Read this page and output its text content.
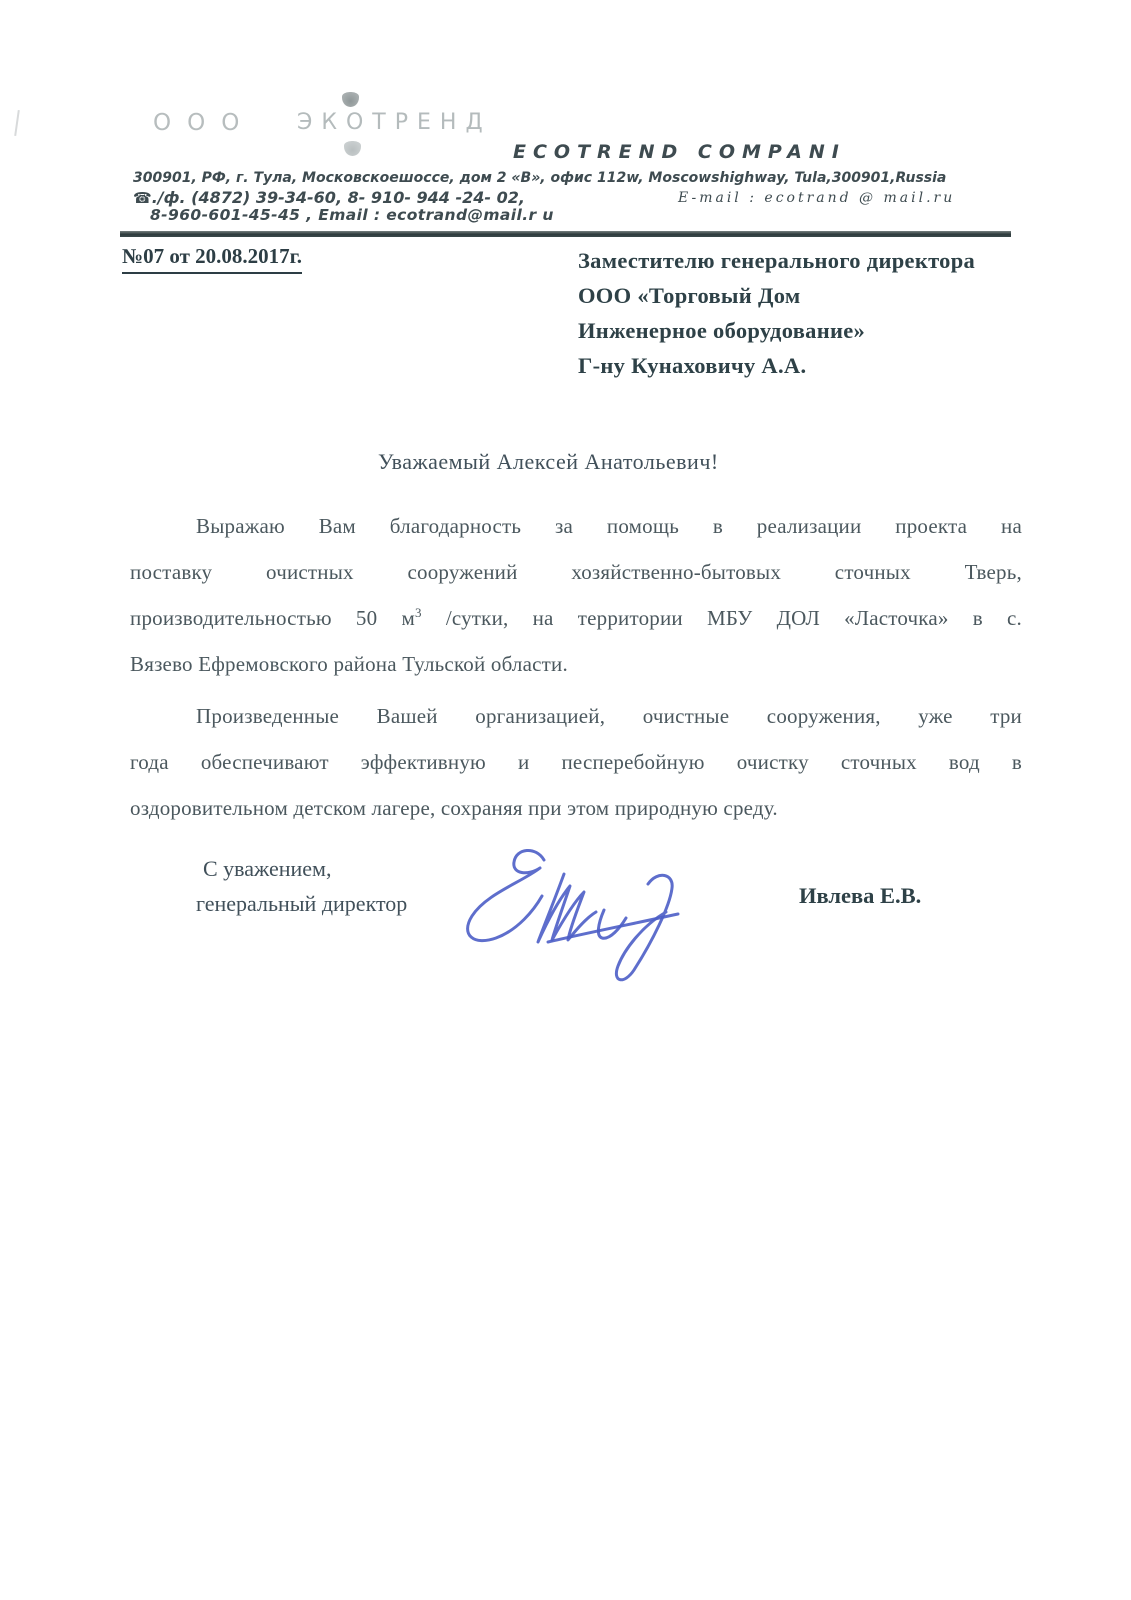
ООО ЭКОТРЕНД
ECOTREND COMPANI
300901, РФ, г. Тула, Московскоешоссе, дом 2 «В», офис 112w, Moscowshighway, Tula,300901,Russia
☎./ф. (4872) 39-34-60, 8- 910- 944 -24- 02,	E-mail : ecotrand @ mail.ru
8-960-601-45-45 , Email : ecotrand@mail.r u
№07 от 20.08.2017г.	Заместителю генерального директора
ООО «Торговый Дом
Инженерное оборудование»
Г-ну Кунаховичу А.А.
Уважаемый Алексей Анатольевич!
Выражаю Вам благодарность за помощь в реализации проекта на
поставку очистных сооружений хозяйственно-бытовых сточных Тверь,
производительностью 50 $м^3$ /сутки, на территории МБУ ДОЛ «Ласточка» в с.
Вязево Ефремовского района Тульской области.
Произведенные Вашей организацией, очистные сооружения, уже три
года обеспечивают эффективную и песперебойную очистку сточных вод в
оздоровительном детском лагере, сохраняя при этом природную среду.
С уважением,
генеральный директор	Ивлева Е.В.
